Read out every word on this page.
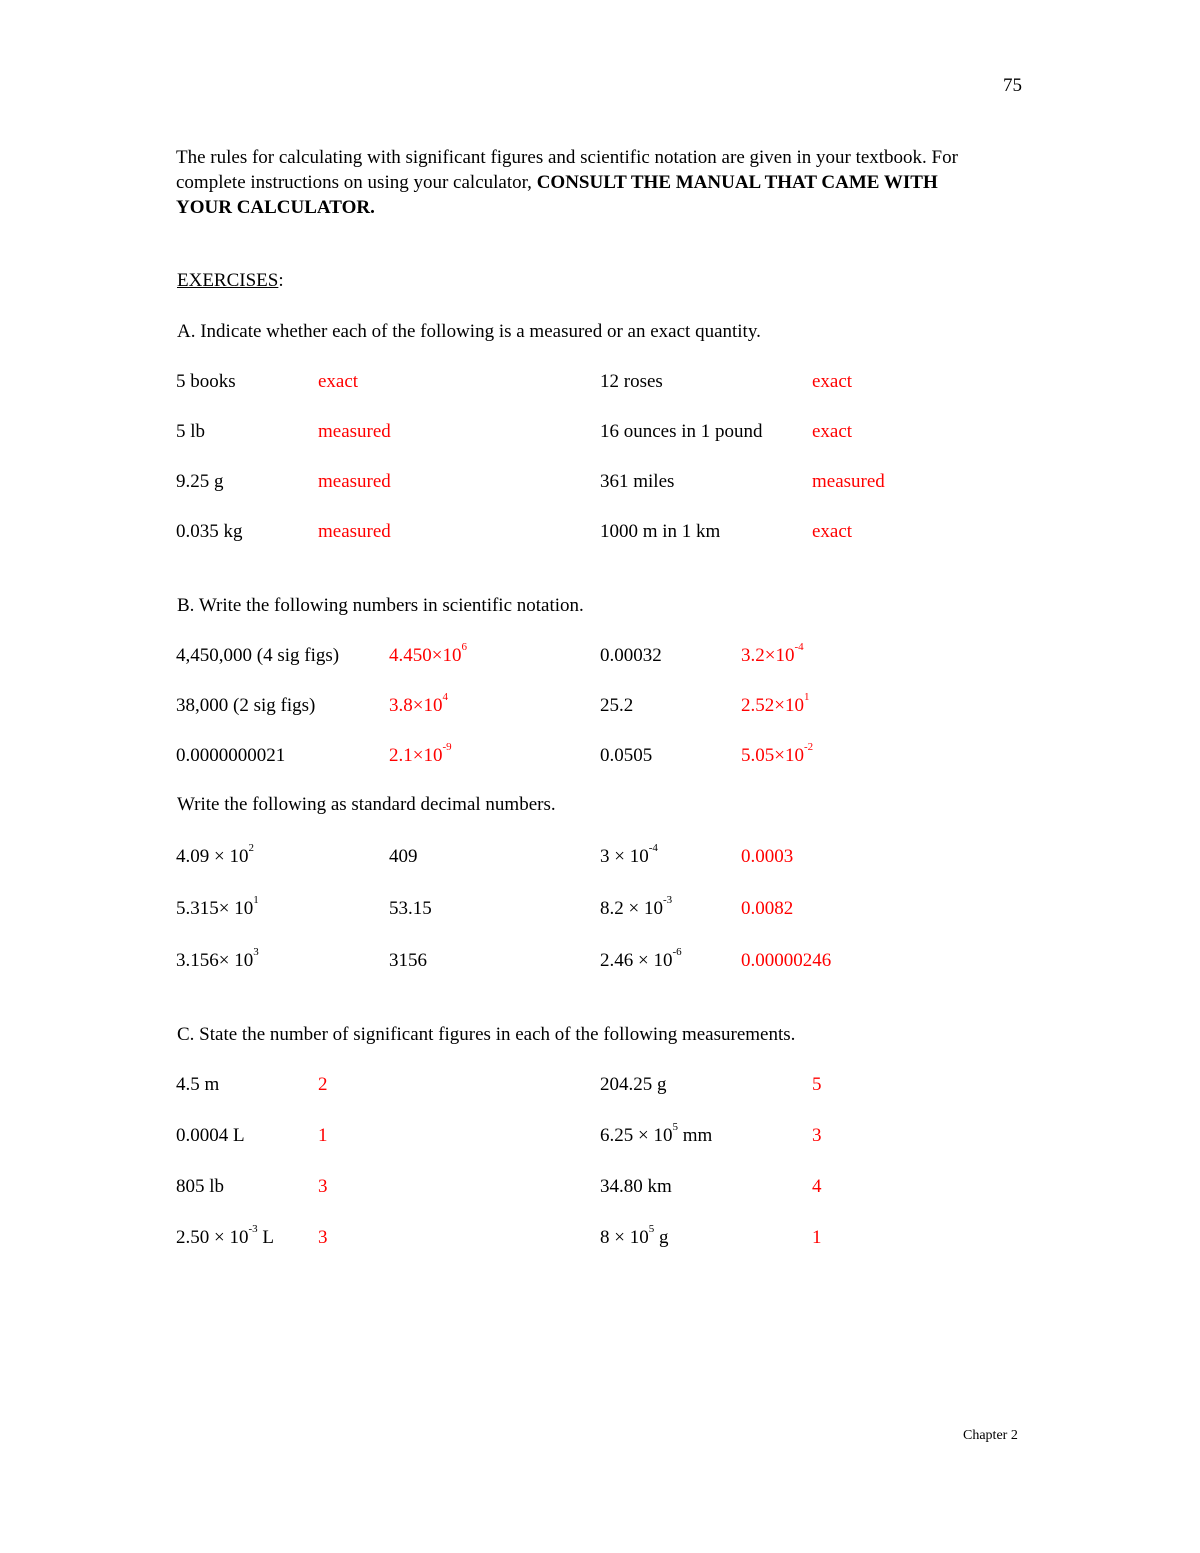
75
The rules for calculating with significant figures and scientific notation are given in your textbook. For complete instructions on using your calculator, CONSULT THE MANUAL THAT CAME WITH YOUR CALCULATOR.
EXERCISES:
A. Indicate whether each of the following is a measured or an exact quantity.
5 books	exact	12 roses	exact
5 lb	measured	16 ounces in 1 pound	exact
9.25 g	measured	361 miles	measured
0.035 kg	measured	1000 m in 1 km	exact
B. Write the following numbers in scientific notation.
4,450,000 (4 sig figs)	$4.450\times 10^6$	0.00032	$3.2\times 10^{-4}$
38,000 (2 sig figs)	$3.8\times 10^4$	25.2	$2.52\times 10^1$
0.0000000021	$2.1\times 10^{-9}$	0.0505	$5.05\times 10^{-2}$
Write the following as standard decimal numbers.
$4.09 \times 10^2$	409	$3 \times 10^{-4}$	0.0003
$5.315\times 10^1$	53.15	$8.2 \times 10^{-3}$	0.0082
$3.156\times 10^3$	3156	$2.46 \times 10^{-6}$	0.00000246
C. State the number of significant figures in each of the following measurements.
4.5 m	2	204.25 g	5
0.0004 L	1	$6.25 \times 10^5$ mm	3
805 lb	3	34.80 km	4
$2.50 \times 10^{-3}$ L 3	$8 \times 10^5$ g	1
Chapter 2
